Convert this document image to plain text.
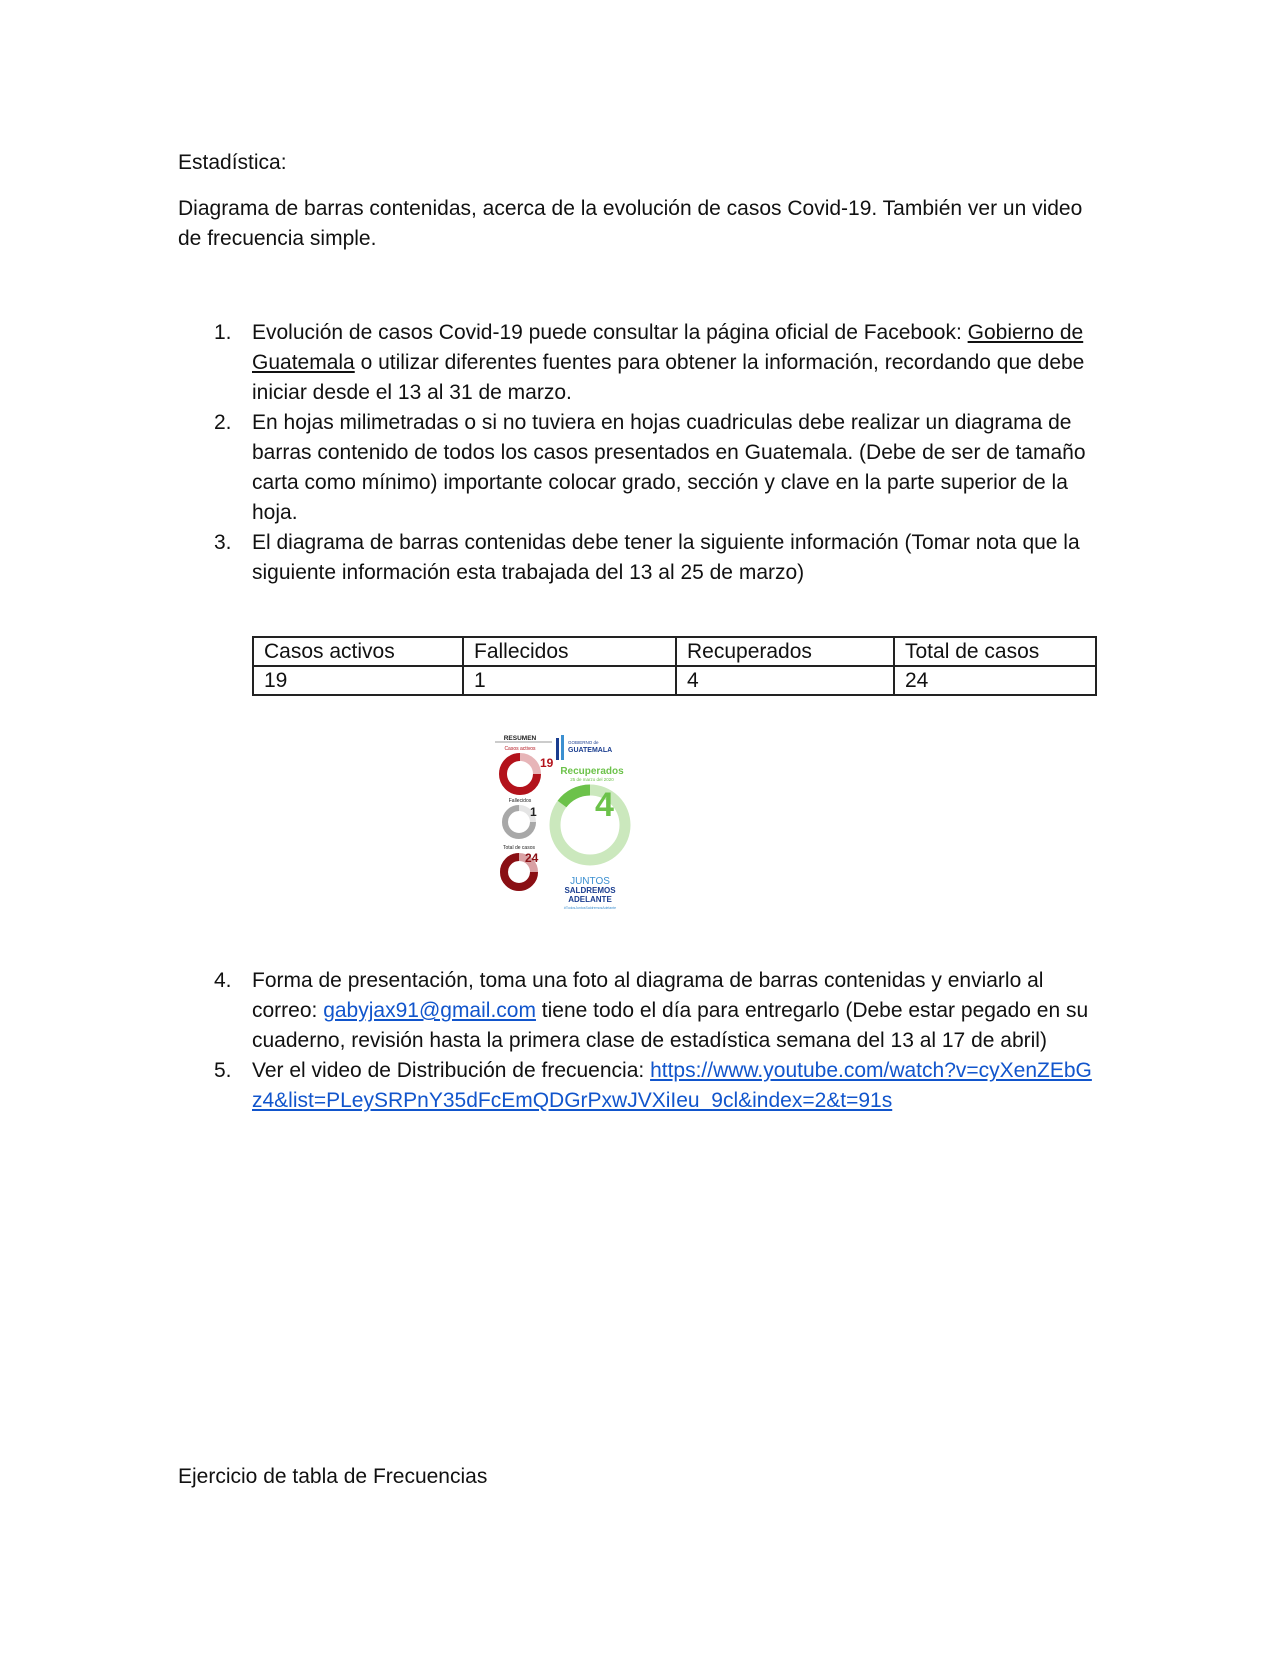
Estadística:

Diagrama de barras contenidas, acerca de la evolución de casos Covid-19. También ver un video de frecuencia simple.

1. Evolución de casos Covid-19 puede consultar la página oficial de Facebook: Gobierno de Guatemala o utilizar diferentes fuentes para obtener la información, recordando que debe iniciar desde el 13 al 31 de marzo.
2. En hojas milimetradas o si no tuviera en hojas cuadriculas debe realizar un diagrama de barras contenido de todos los casos presentados en Guatemala. (Debe de ser de tamaño carta como mínimo) importante colocar grado, sección y clave en la parte superior de la hoja.
3. El diagrama de barras contenidas debe tener la siguiente información (Tomar nota que la siguiente información esta trabajada del 13 al 25 de marzo)
Casos activos	Fallecidos	Recuperados	Total de casos
19	1	4	24
RESUMEN
Casos activos
19
Fallecidos
1
Total de casos
24
GOBIERNO de
GUATEMALA
Recuperados
25 de marzo del 2020
4
JUNTOS
SALDREMOS
ADELANTE
#TodosJuntosSaldremosAdelante
4. Forma de presentación, toma una foto al diagrama de barras contenidas y enviarlo al correo: gabyjax91@gmail.com tiene todo el día para entregarlo (Debe estar pegado en su cuaderno, revisión hasta la primera clase de estadística semana del 13 al 17 de abril)
5. Ver el video de Distribución de frecuencia: https://www.youtube.com/watch?v=cyXenZEbGz4&list=PLeySRPnY35dFcEmQDGrPxwJVXiIeu_9cl&index=2&t=91s

Ejercicio de tabla de Frecuencias
